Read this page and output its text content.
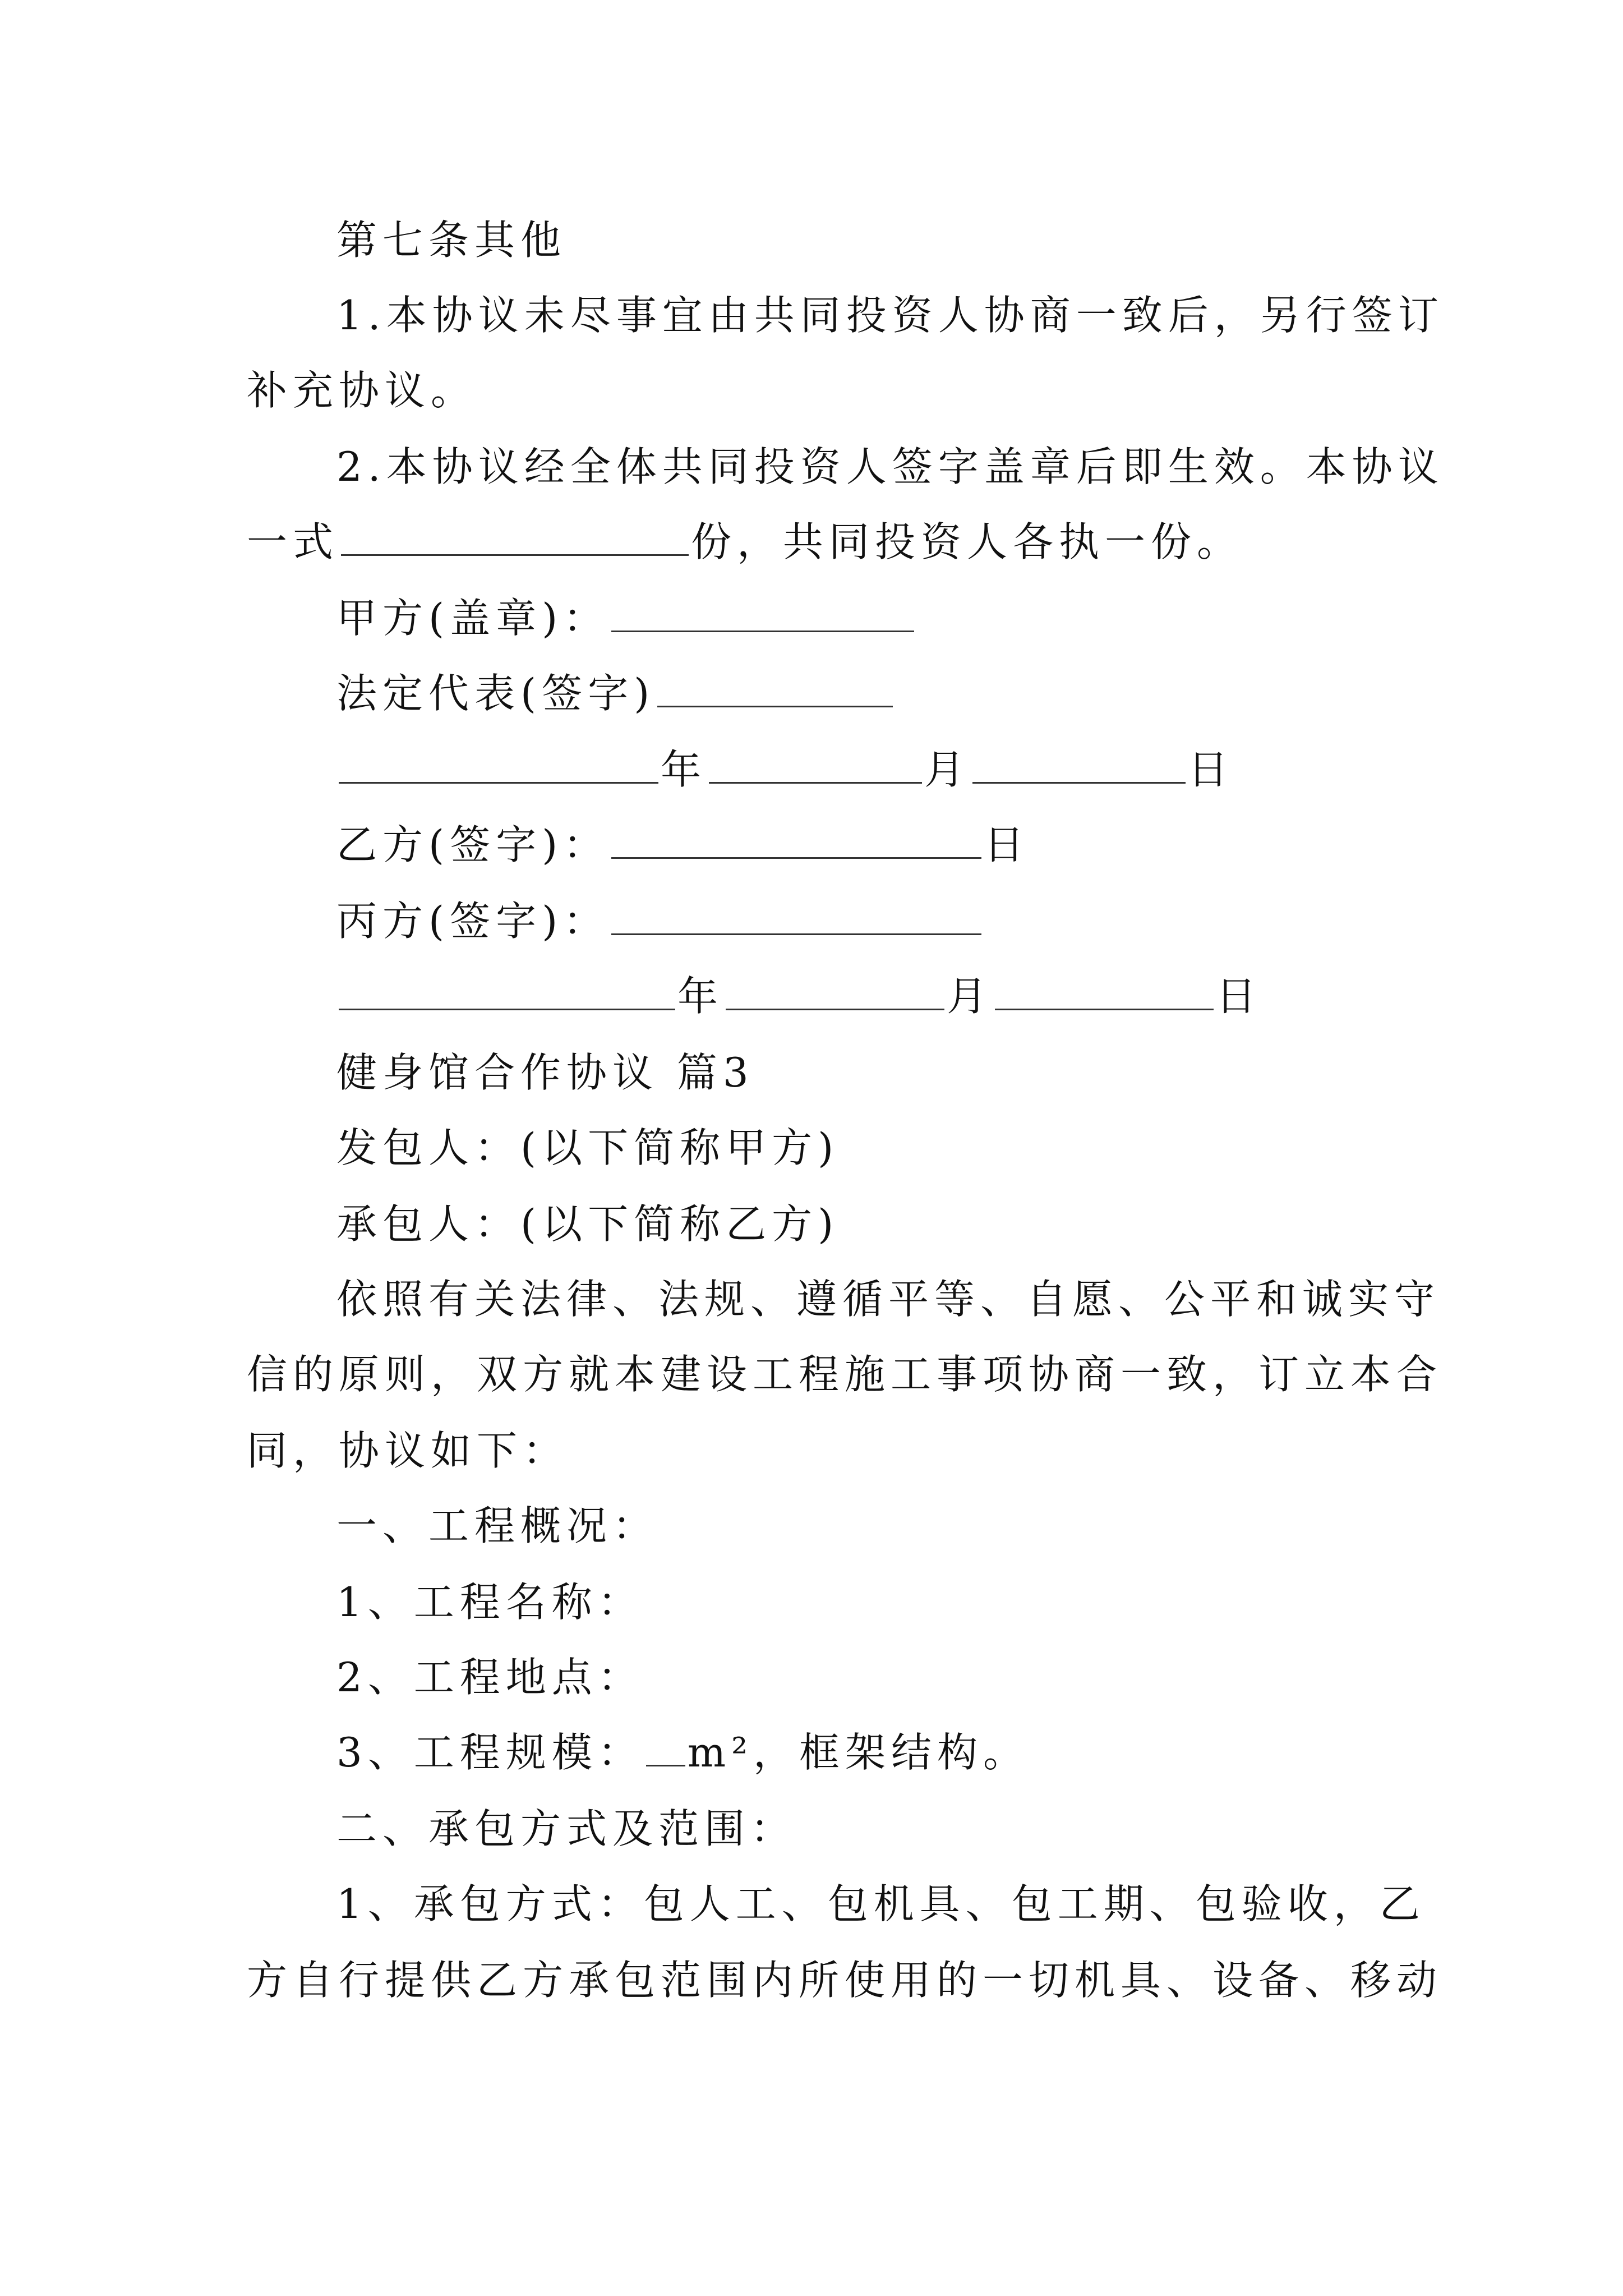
第七条其他
1.本协议未尽事宜由共同投资人协商一致后，另行签订
补充协议。
2.本协议经全体共同投资人签字盖章后即生效。本协议
一式	份，共同投资人各执一份。
甲方(盖章)：
法定代表(签字)
年	月	日
乙方(签字)：	日
丙方(签字)：
年	月	日
健身馆合作协议 篇3
发包人：(以下简称甲方)
承包人：(以下简称乙方)
依照有关法律、法规、遵循平等、自愿、公平和诚实守
信的原则，双方就本建设工程施工事项协商一致，订立本合
同，协议如下：
一、工程概况：
1、工程名称：
2、工程地点：
3、工程规模： m²，框架结构。
二、承包方式及范围：
1、承包方式：包人工、包机具、包工期、包验收，乙
方自行提供乙方承包范围内所使用的一切机具、设备、移动
